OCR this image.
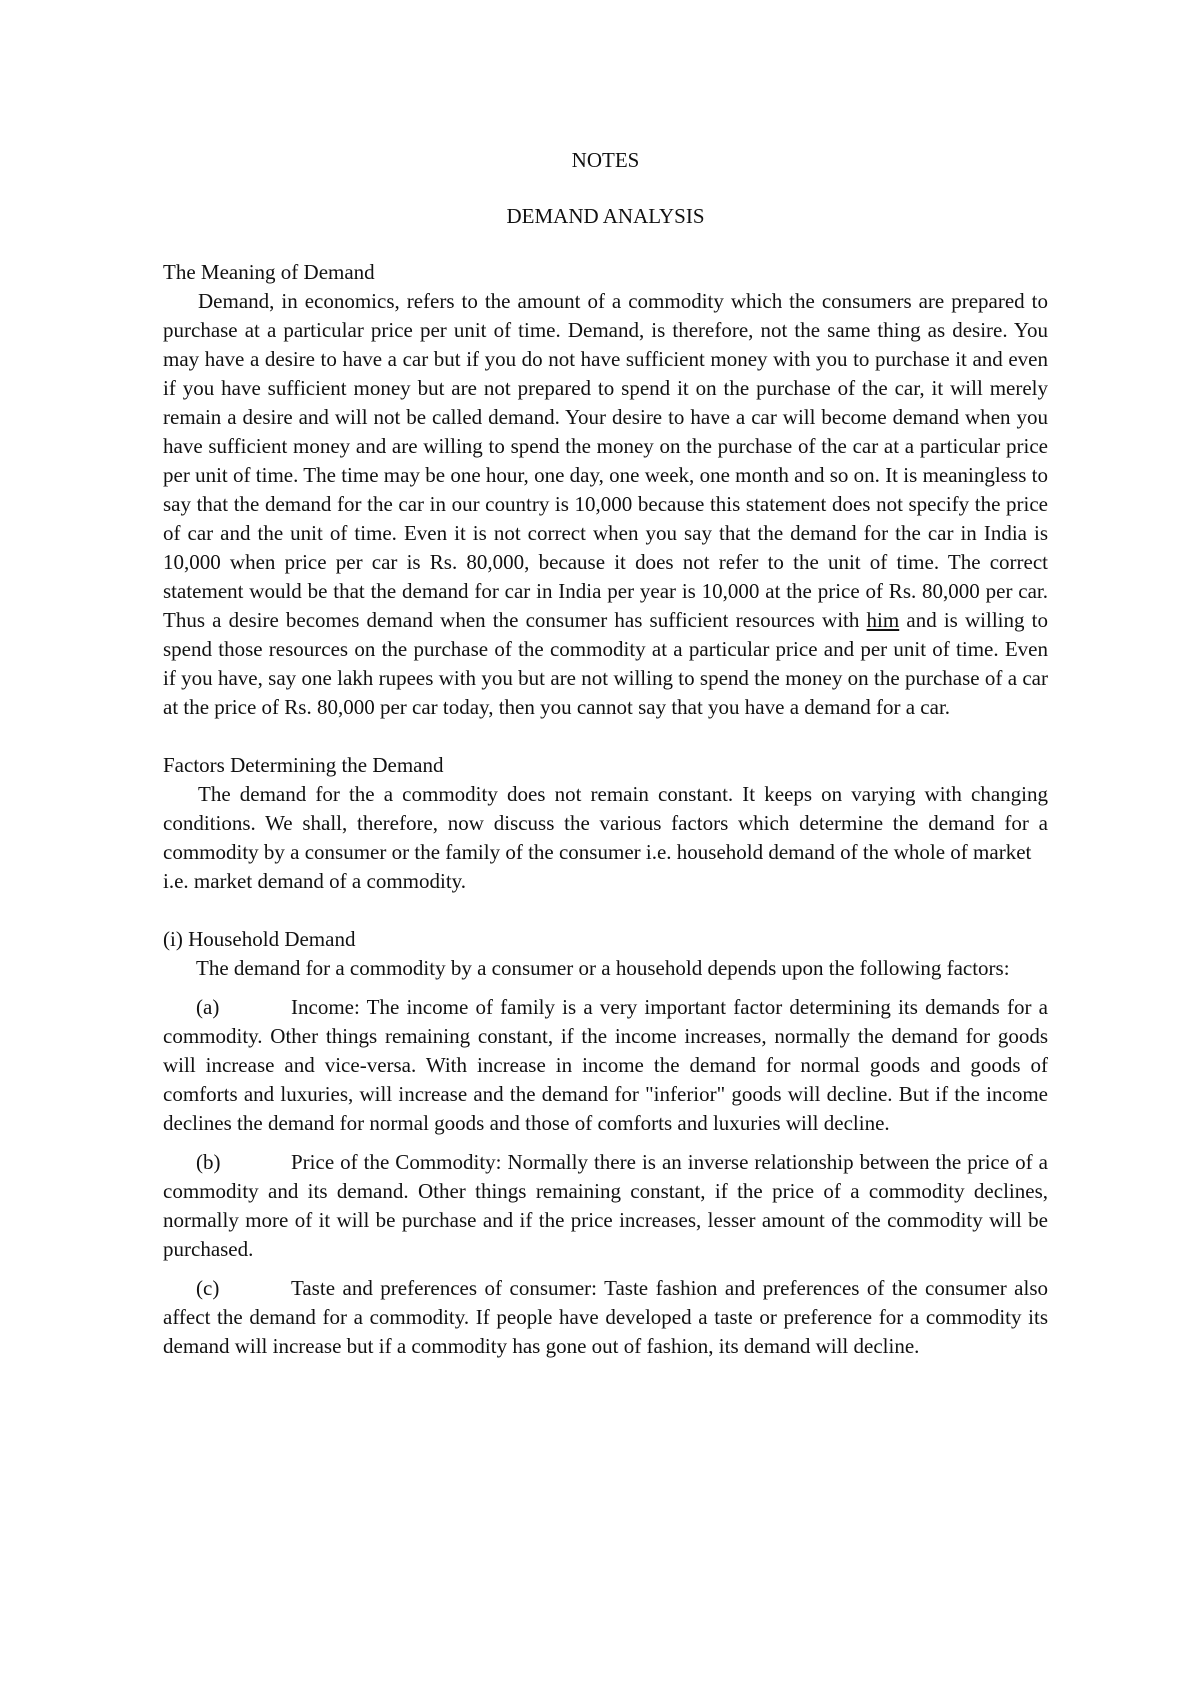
NOTES

DEMAND ANALYSIS

The Meaning of Demand

Demand, in economics, refers to the amount of a commodity which the consumers are prepared to purchase at a particular price per unit of time. Demand, is therefore, not the same thing as desire. You may have a desire to have a car but if you do not have sufficient money with you to purchase it and even if you have sufficient money but are not prepared to spend it on the purchase of the car, it will merely remain a desire and will not be called demand. Your desire to have a car will become demand when you have sufficient money and are willing to spend the money on the purchase of the car at a particular price per unit of time. The time may be one hour, one day, one week, one month and so on. It is meaningless to say that the demand for the car in our country is 10,000 because this statement does not specify the price of car and the unit of time. Even it is not correct when you say that the demand for the car in India is 10,000 when price per car is Rs. 80,000, because it does not refer to the unit of time. The correct statement would be that the demand for car in India per year is 10,000 at the price of Rs. 80,000 per car. Thus a desire becomes demand when the consumer has sufficient resources with him and is willing to spend those resources on the purchase of the commodity at a particular price and per unit of time. Even if you have, say one lakh rupees with you but are not willing to spend the money on the purchase of a car at the price of Rs. 80,000 per car today, then you cannot say that you have a demand for a car.

Factors Determining the Demand

The demand for the a commodity does not remain constant. It keeps on varying with changing conditions. We shall, therefore, now discuss the various factors which determine the demand for a commodity by a consumer or the family of the consumer i.e. household demand of the whole of market

i.e. market demand of a commodity.

(i) Household Demand

The demand for a commodity by a consumer or a household depends upon the following factors:

(a)	Income: The income of family is a very important factor determining its demands for a commodity. Other things remaining constant, if the income increases, normally the demand for goods will increase and vice-versa. With increase in income the demand for normal goods and goods of comforts and luxuries, will increase and the demand for "inferior" goods will decline. But if the income declines the demand for normal goods and those of comforts and luxuries will decline.

(b)	Price of the Commodity: Normally there is an inverse relationship between the price of a commodity and its demand. Other things remaining constant, if the price of a commodity declines, normally more of it will be purchase and if the price increases, lesser amount of the commodity will be purchased.

(c)	Taste and preferences of consumer: Taste fashion and preferences of the consumer also affect the demand for a commodity. If people have developed a taste or preference for a commodity its demand will increase but if a commodity has gone out of fashion, its demand will decline.
